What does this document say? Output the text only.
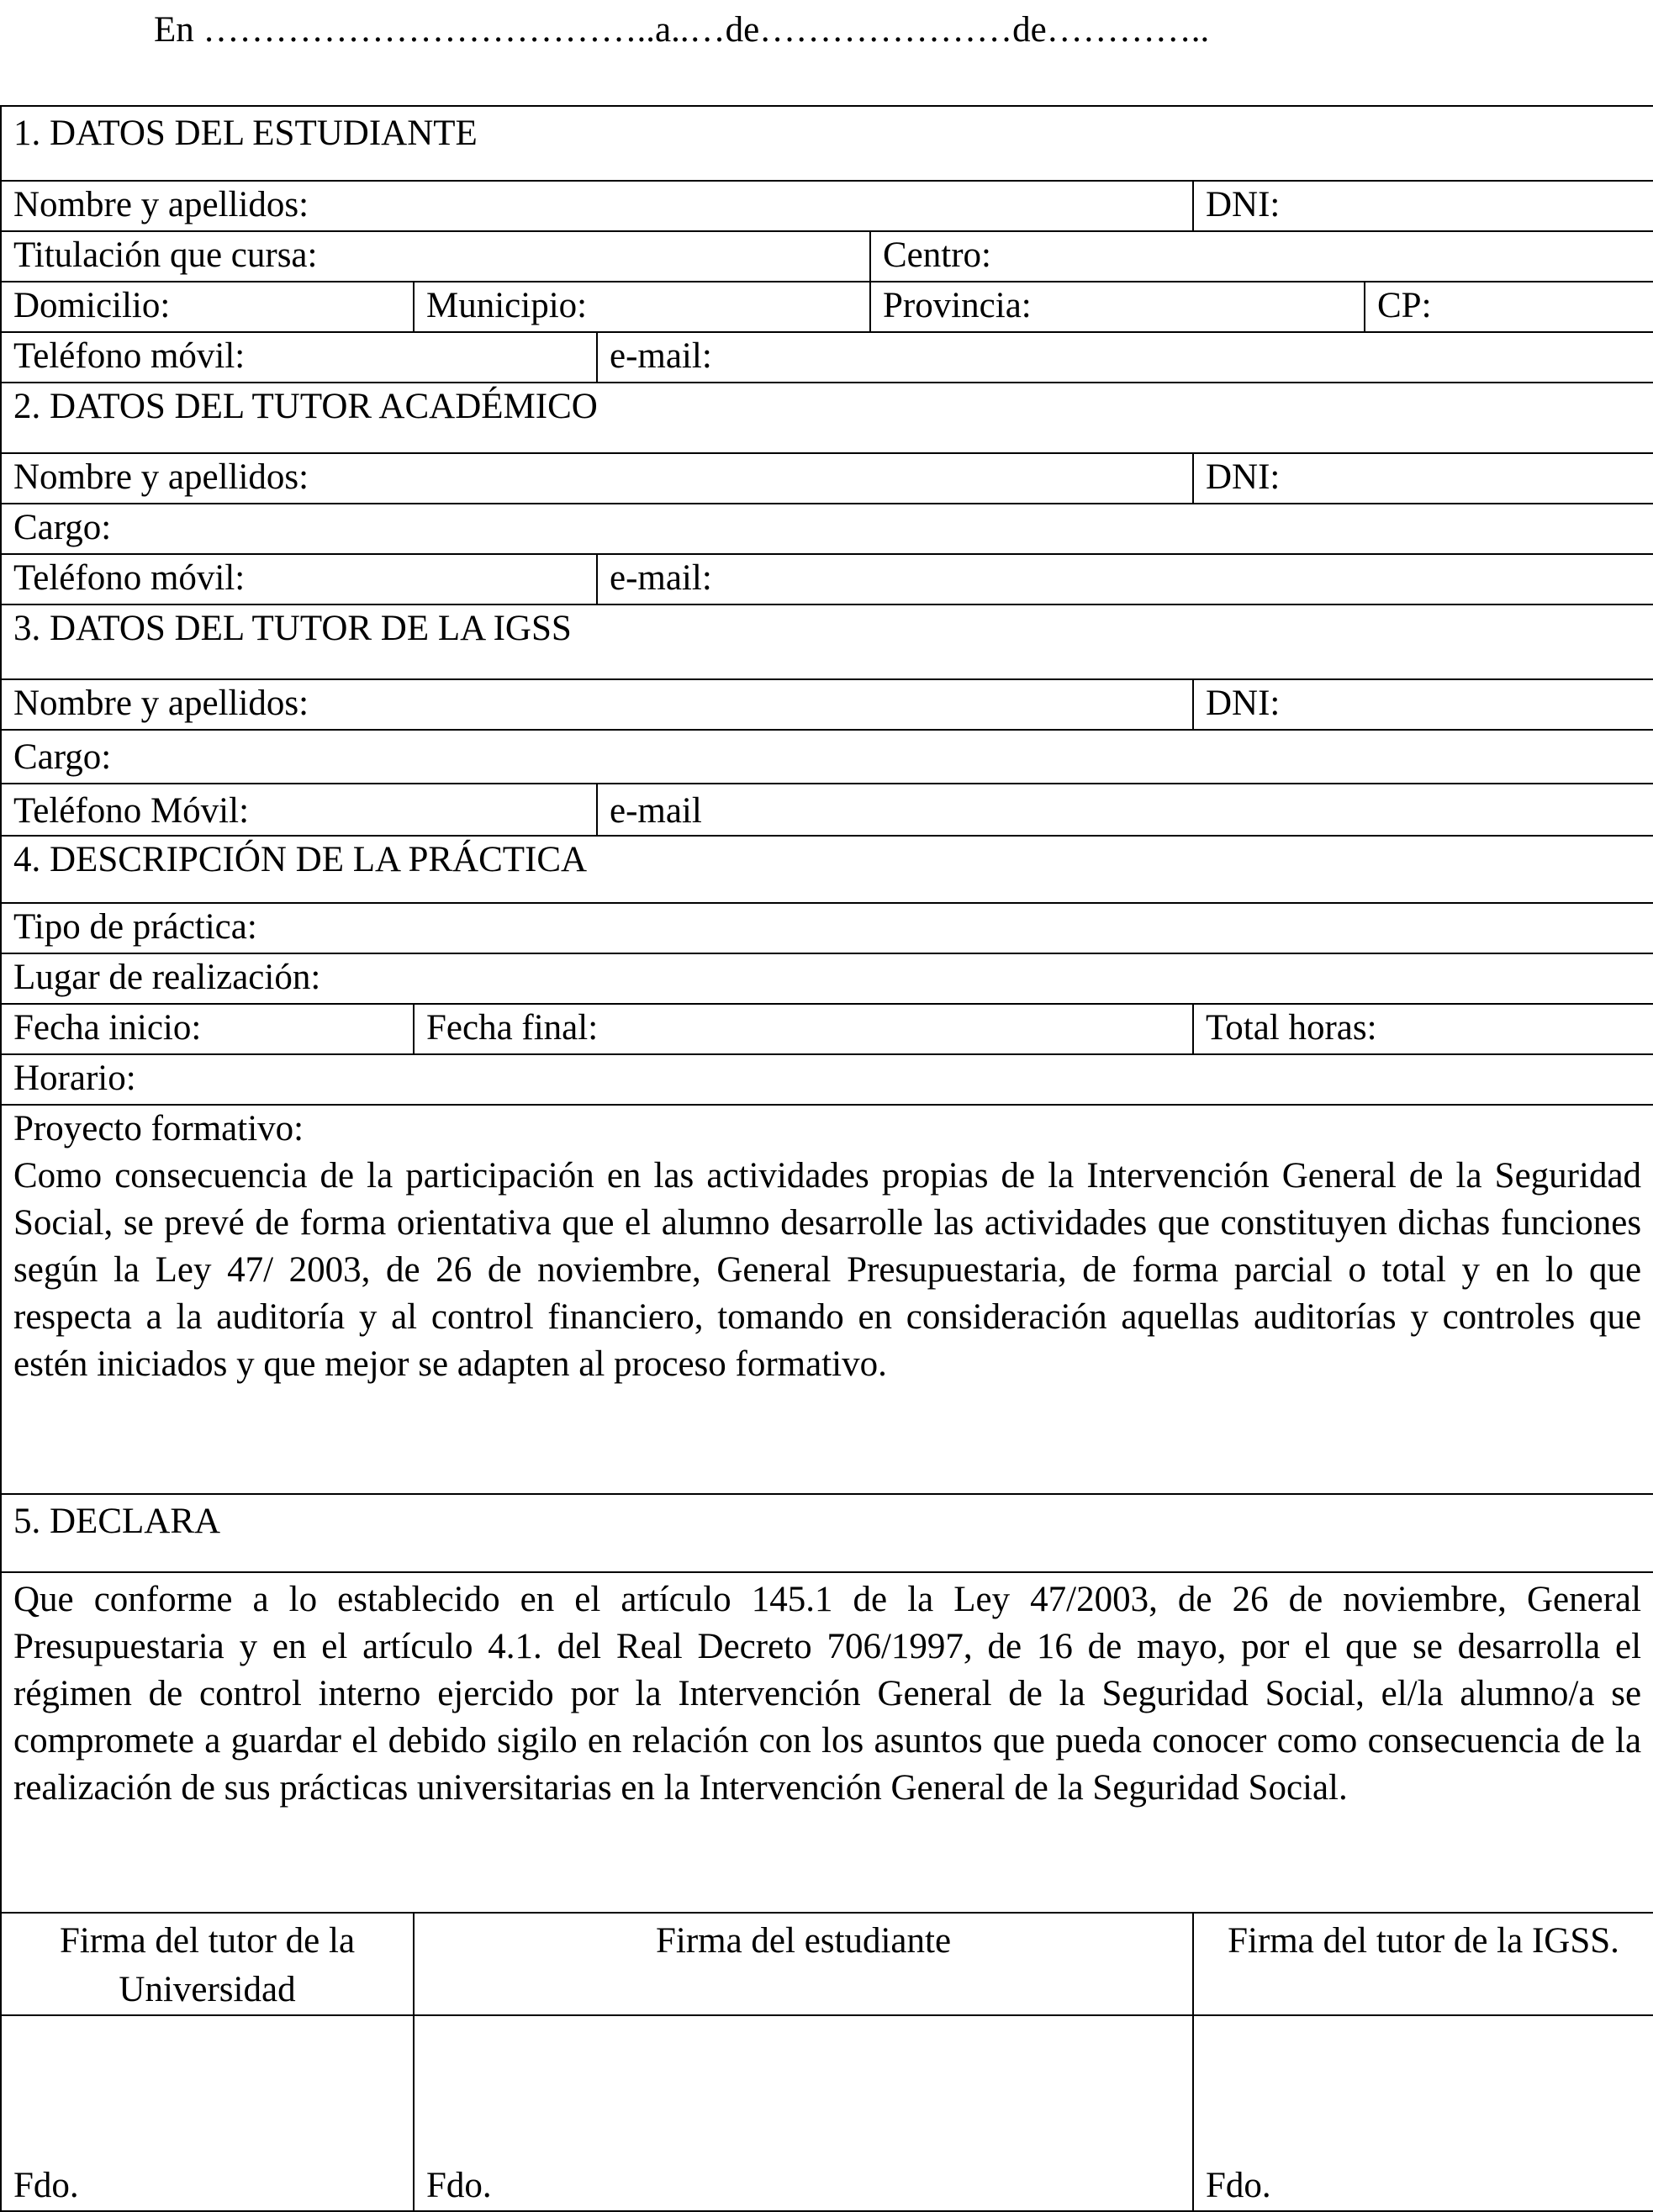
En ………………………………..a..…de…………………de…………..
1. DATOS DEL ESTUDIANTE					
Nombre y apellidos:				DNI:	
Titulación que cursa:			Centro:		
Domicilio:	Municipio:		Provincia:		CP:
Teléfono móvil:		e-mail:			
2. DATOS DEL TUTOR ACADÉMICO					
Nombre y apellidos:				DNI:	
Cargo:					
Teléfono móvil:		e-mail:			
3. DATOS DEL TUTOR DE LA IGSS					
Nombre y apellidos:				DNI:	
Cargo:					
Teléfono Móvil:		e-mail			
4. DESCRIPCIÓN DE LA PRÁCTICA					
Tipo de práctica:					
Lugar de realización:					
Fecha inicio:	Fecha final:			Total horas:	
Horario:					

Proyecto formativo:
Como consecuencia de la participación en las actividades propias de la Intervención General de la Seguridad Social, se prevé de forma orientativa que el alumno desarrolle las actividades que constituyen dichas funciones según la Ley 47/ 2003, de 26 de noviembre, General Presupuestaria, de forma parcial o total y en lo que respecta a la auditoría y al control financiero, tomando en consideración aquellas auditorías y controles que estén iniciados y que mejor se adapten al proceso formativo.					

5. DECLARA					
Que conforme a lo establecido en el artículo 145.1 de la Ley 47/2003, de 26 de noviembre, General Presupuestaria y en el artículo 4.1. del Real Decreto 706/1997, de 16 de mayo, por el que se desarrolla el régimen de control interno ejercido por la Intervención General de la Seguridad Social, el/la alumno/a se compromete a guardar el debido sigilo en relación con los asuntos que pueda conocer como consecuencia de la realización de sus prácticas universitarias en la Intervención General de la Seguridad Social.					
Firma del tutor de la Universidad	Firma del estudiante			Firma del tutor de la IGSS.	
Fdo.	Fdo.			Fdo.	
